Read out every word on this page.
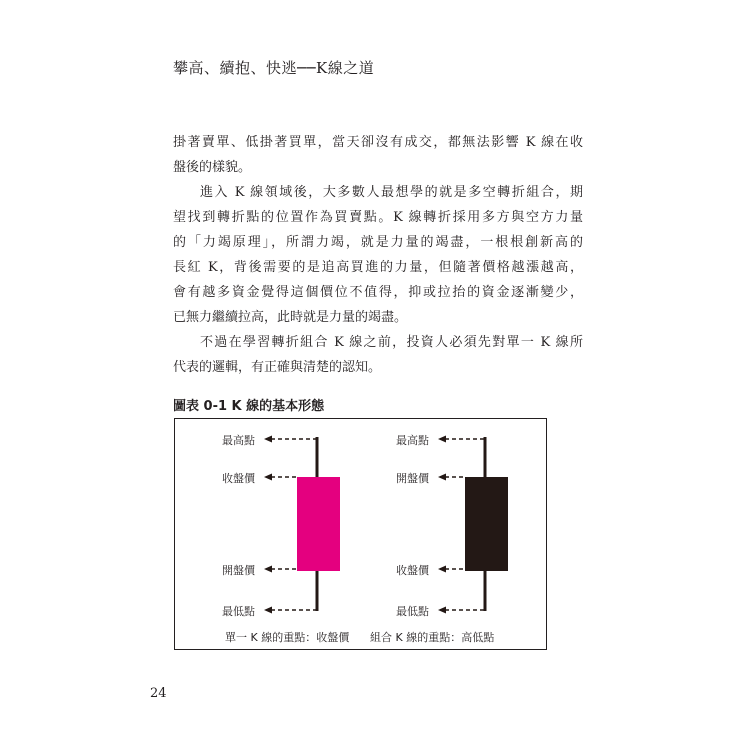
攀高、續抱、快逃──K線之道
掛著賣單、低掛著買單，當天卻沒有成交，都無法影響 K 線在收
盤後的樣貌。
進入 K 線領域後，大多數人最想學的就是多空轉折組合，期
望找到轉折點的位置作為買賣點。K 線轉折採用多方與空方力量
的「力竭原理」，所謂力竭，就是力量的竭盡，一根根創新高的
長紅 K，背後需要的是追高買進的力量，但隨著價格越漲越高，
會有越多資金覺得這個價位不值得，抑或拉抬的資金逐漸變少，
已無力繼續拉高，此時就是力量的竭盡。
不過在學習轉折組合 K 線之前，投資人必須先對單一 K 線所
代表的邏輯，有正確與清楚的認知。
圖表 0-1 K 線的基本形態
最高點
收盤價
開盤價
最低點
最高點
開盤價
收盤價
最低點
單一 K 線的重點：收盤價 組合 K 線的重點：高低點
24
